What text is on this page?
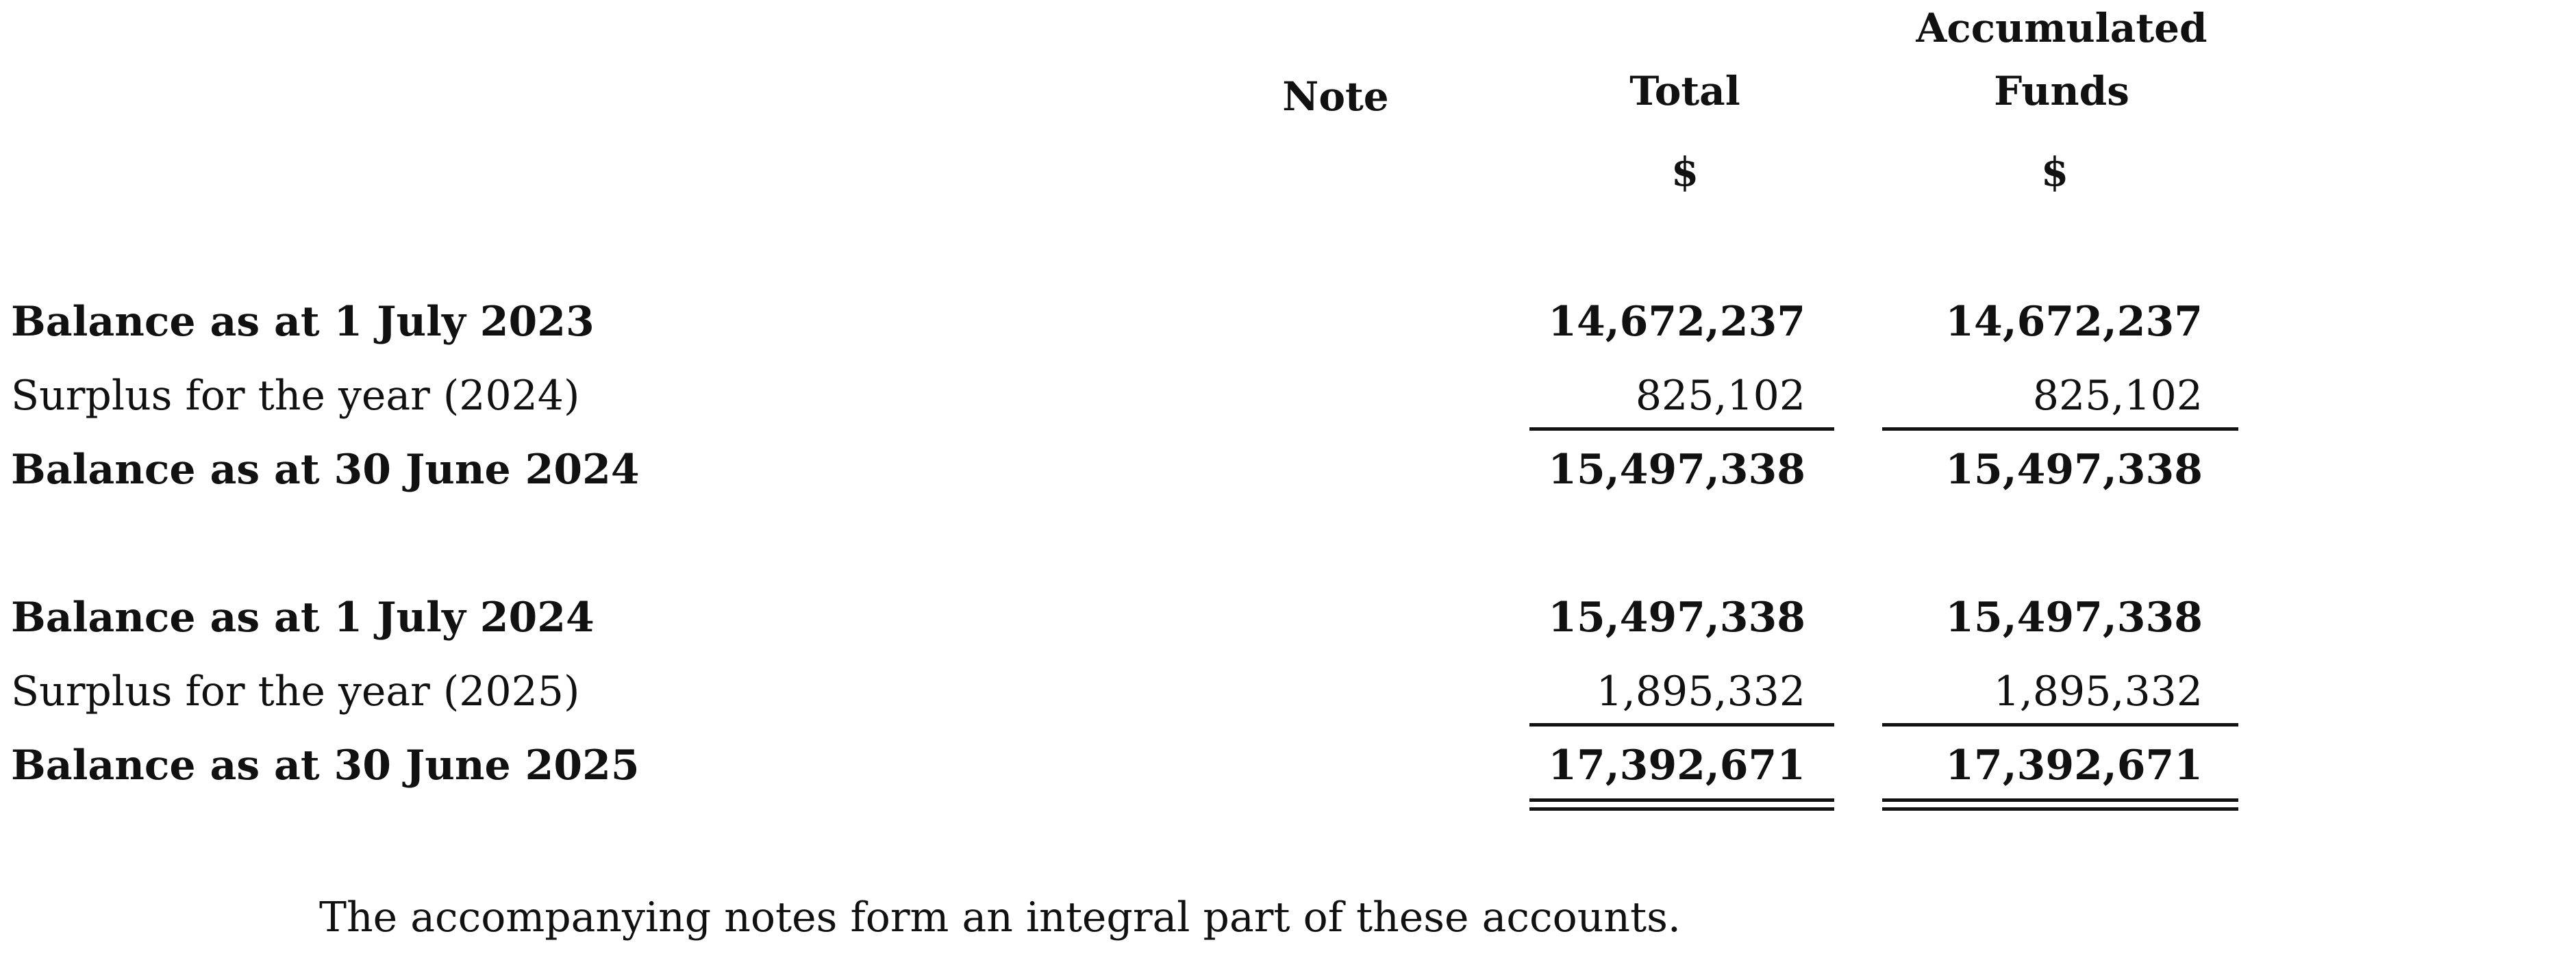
Note	Total
Accumulated
Funds
$	$
Balance as at 1 July 2023	14,672,237	14,672,237
Surplus for the year (2024)	825,102	825,102
Balance as at 30 June 2024	15,497,338	15,497,338
Balance as at 1 July 2024	15,497,338	15,497,338
Surplus for the year (2025)	1,895,332	1,895,332
Balance as at 30 June 2025	17,392,671	17,392,671
The accompanying notes form an integral part of these accounts.
